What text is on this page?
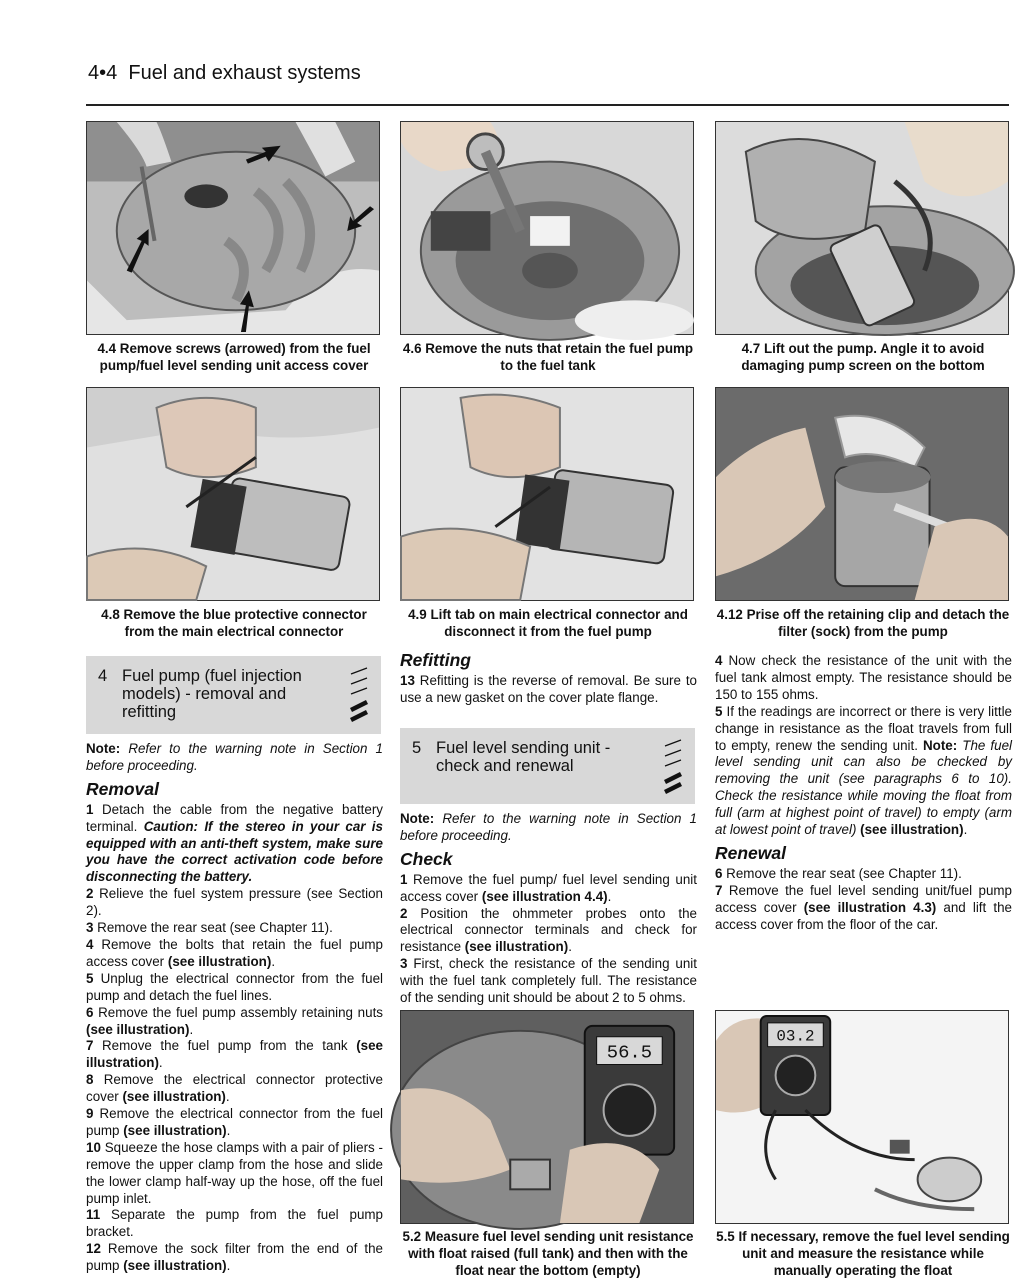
4•4 Fuel and exhaust systems
4.4 Remove screws (arrowed) from the fuel pump/fuel level sending unit access cover
4.6 Remove the nuts that retain the fuel pump to the fuel tank
4.7 Lift out the pump. Angle it to avoid damaging pump screen on the bottom
4.8 Remove the blue protective connector from the main electrical connector
4.9 Lift tab on main electrical connector and disconnect it from the fuel pump
4.12 Prise off the retaining clip and detach the filter (sock) from the pump
4 Fuel pump (fuel injection models) - removal and refitting

Note: Refer to the warning note in Section 1 before proceeding.

Removal

1 Detach the cable from the negative battery terminal. Caution: If the stereo in your car is equipped with an anti-theft system, make sure you have the correct activation code before disconnecting the battery.

2 Relieve the fuel system pressure (see Section 2).

3 Remove the rear seat (see Chapter 11).

4 Remove the bolts that retain the fuel pump access cover (see illustration).

5 Unplug the electrical connector from the fuel pump and detach the fuel lines.

6 Remove the fuel pump assembly retaining nuts (see illustration).

7 Remove the fuel pump from the tank (see illustration).

8 Remove the electrical connector protective cover (see illustration).

9 Remove the electrical connector from the fuel pump (see illustration).

10 Squeeze the hose clamps with a pair of pliers - remove the upper clamp from the hose and slide the lower clamp half-way up the hose, off the fuel pump inlet.

11 Separate the pump from the fuel pump bracket.

12 Remove the sock filter from the end of the pump (see illustration).

Refitting

13 Refitting is the reverse of removal. Be sure to use a new gasket on the cover plate flange.

5 Fuel level sending unit - check and renewal

Note: Refer to the warning note in Section 1 before proceeding.

Check

1 Remove the fuel pump/ fuel level sending unit access cover (see illustration 4.4).

2 Position the ohmmeter probes onto the electrical connector terminals and check for resistance (see illustration).

3 First, check the resistance of the sending unit with the fuel tank completely full. The resistance of the sending unit should be about 2 to 5 ohms.

4 Now check the resistance of the unit with the fuel tank almost empty. The resistance should be 150 to 155 ohms.

5 If the readings are incorrect or there is very little change in resistance as the float travels from full to empty, renew the sending unit. Note: The fuel level sending unit can also be checked by removing the unit (see paragraphs 6 to 10). Check the resistance while moving the float from full (arm at highest point of travel) to empty (arm at lowest point of travel) (see illustration).

Renewal

6 Remove the rear seat (see Chapter 11).

7 Remove the fuel level sending unit/fuel pump access cover (see illustration 4.3) and lift the access cover from the floor of the car.

56.5
03.2
5.2 Measure fuel level sending unit resistance with float raised (full tank) and then with the float near the bottom (empty)
5.5 If necessary, remove the fuel level sending unit and measure the resistance while manually operating the float
